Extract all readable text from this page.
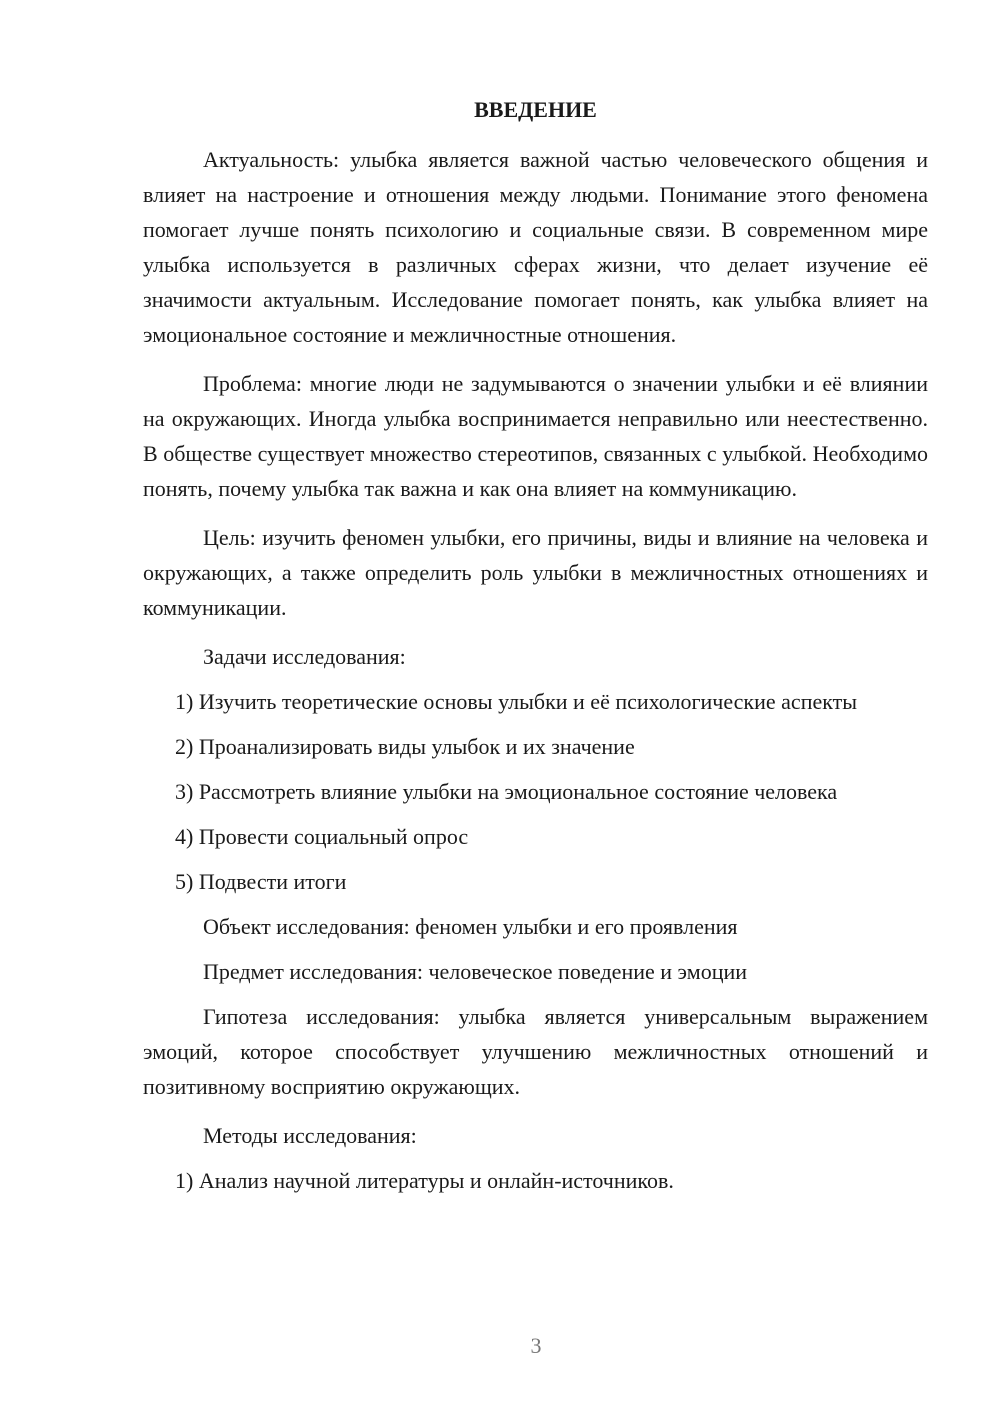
ВВЕДЕНИЕ

Актуальность: улыбка является важной частью человеческого общения и влияет на настроение и отношения между людьми. Понимание этого феномена помогает лучше понять психологию и социальные связи. В современном мире улыбка используется в различных сферах жизни, что делает изучение её значимости актуальным. Исследование помогает понять, как улыбка влияет на эмоциональное состояние и межличностные отношения.

Проблема: многие люди не задумываются о значении улыбки и её влиянии на окружающих. Иногда улыбка воспринимается неправильно или неестественно. В обществе существует множество стереотипов, связанных с улыбкой. Необходимо понять, почему улыбка так важна и как она влияет на коммуникацию.

Цель: изучить феномен улыбки, его причины, виды и влияние на человека и окружающих, а также определить роль улыбки в межличностных отношениях и коммуникации.

Задачи исследования:

1) Изучить теоретические основы улыбки и её психологические аспекты

2) Проанализировать виды улыбок и их значение

3) Рассмотреть влияние улыбки на эмоциональное состояние человека

4) Провести социальный опрос

5) Подвести итоги

Объект исследования: феномен улыбки и его проявления

Предмет исследования: человеческое поведение и эмоции

Гипотеза исследования: улыбка является универсальным выражением эмоций, которое способствует улучшению межличностных отношений и позитивному восприятию окружающих.

Методы исследования:

1) Анализ научной литературы и онлайн-источников.

3
